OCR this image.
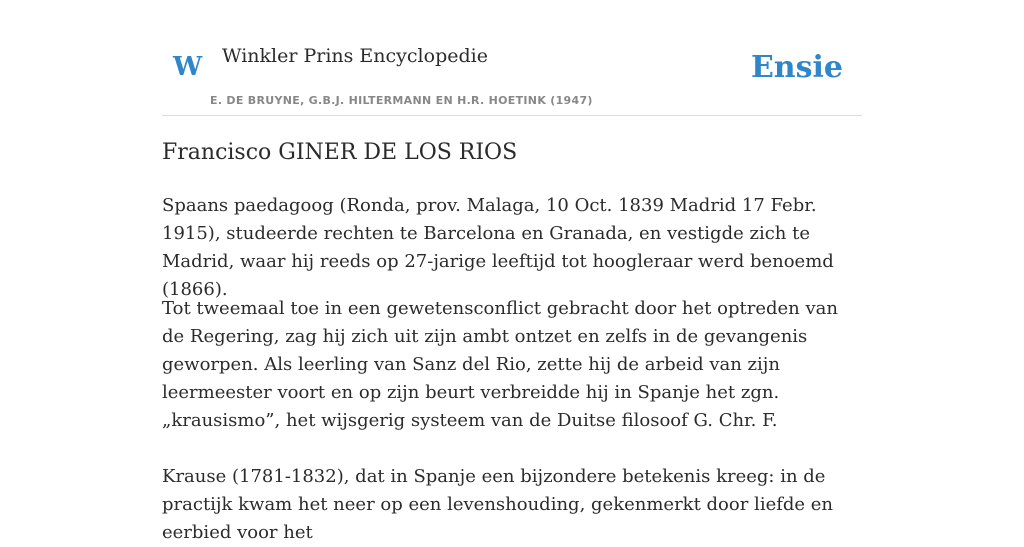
W Winkler Prins Encyclopedie
E. DE BRUYNE, G.B.J. HILTERMANN EN H.R. HOETINK (1947)
Ensie
Francisco GINER DE LOS RIOS

Spaans paedagoog (Ronda, prov. Malaga, 10 Oct. 1839 Madrid 17 Febr. 1915), studeerde rechten te Barcelona en Granada, en vestigde zich te Madrid, waar hij reeds op 27-jarige leeftijd tot hoogleraar werd benoemd (1866).

Tot tweemaal toe in een gewetensconflict gebracht door het optreden van de Regering, zag hij zich uit zijn ambt ontzet en zelfs in de gevangenis geworpen. Als leerling van Sanz del Rio, zette hij de arbeid van zijn leermeester voort en op zijn beurt verbreidde hij in Spanje het zgn. „krausismo”, het wijsgerig systeem van de Duitse filosoof G. Chr. F.

Krause (1781-1832), dat in Spanje een bijzondere betekenis kreeg: in de practijk kwam het neer op een levenshouding, gekenmerkt door liefde en eerbied voor het
